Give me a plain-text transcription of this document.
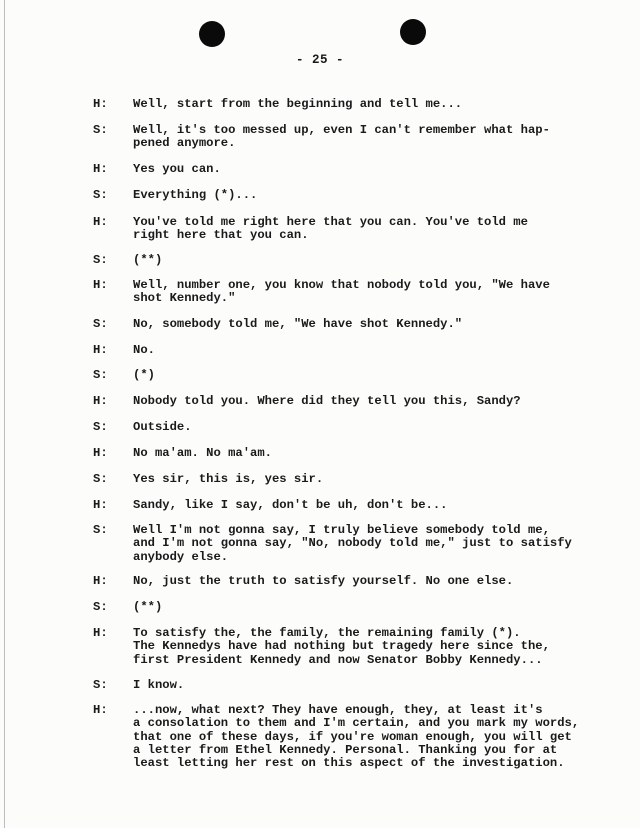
- 25 -
H:	Well, start from the beginning and tell me...
S:	Well, it's too messed up, even I can't remember what hap-
pened anymore.
H:	Yes you can.
S:	Everything (*)...
H:	You've told me right here that you can. You've told me
right here that you can.
S:	(**)
H:	Well, number one, you know that nobody told you, "We have
shot Kennedy."
S:	No, somebody told me, "We have shot Kennedy."
H:	No.
S:	(*)
H:	Nobody told you. Where did they tell you this, Sandy?
S:	Outside.
H:	No ma'am. No ma'am.
S:	Yes sir, this is, yes sir.
H:	Sandy, like I say, don't be uh, don't be...
S:	Well I'm not gonna say, I truly believe somebody told me,
and I'm not gonna say, "No, nobody told me," just to satisfy
anybody else.
H:	No, just the truth to satisfy yourself. No one else.
S:	(**)
H:	To satisfy the, the family, the remaining family (*).
The Kennedys have had nothing but tragedy here since the,
first President Kennedy and now Senator Bobby Kennedy...
S:	I know.
H:	...now, what next? They have enough, they, at least it's
a consolation to them and I'm certain, and you mark my words,
that one of these days, if you're woman enough, you will get
a letter from Ethel Kennedy. Personal. Thanking you for at
least letting her rest on this aspect of the investigation.
